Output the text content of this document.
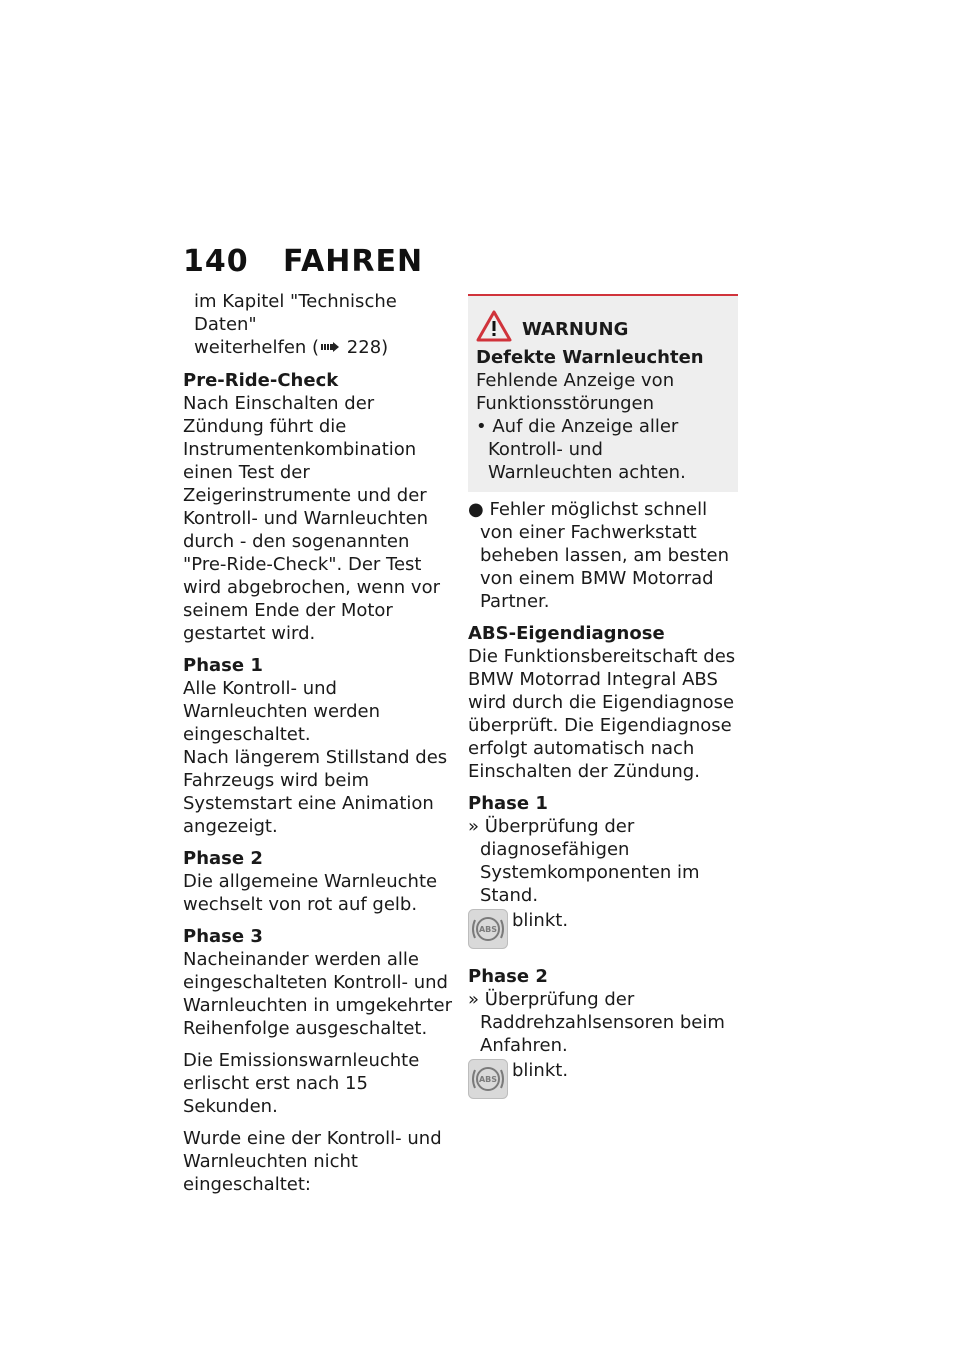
140 FAHREN

im Kapitel "Technische Daten"

weiterhelfen ( 228)

Pre-Ride-Check

Nach Einschalten der Zündung führt die Instrumentenkombination einen Test der Zeigerinstrumente und der Kontroll- und Warnleuchten durch - den sogenannten "Pre-Ride-Check". Der Test wird abgebrochen, wenn vor seinem Ende der Motor gestartet wird.

Phase 1

Alle Kontroll- und Warnleuchten werden eingeschaltet.

Nach längerem Stillstand des Fahrzeugs wird beim Systemstart eine Animation angezeigt.

Phase 2

Die allgemeine Warnleuchte wechselt von rot auf gelb.

Phase 3

Nacheinander werden alle eingeschalteten Kontroll- und Warnleuchten in umgekehrter Reihenfolge ausgeschaltet.

Die Emissionswarnleuchte erlischt erst nach 15 Sekunden.

Wurde eine der Kontroll- und Warnleuchten nicht eingeschaltet:

WARNUNG

Defekte Warnleuchten

Fehlende Anzeige von Funktionsstörungen

• Auf die Anzeige aller Kontroll- und Warnleuchten achten.

● Fehler möglichst schnell von einer Fachwerkstatt beheben lassen, am besten von einem BMW Motorrad Partner.

ABS-Eigendiagnose

Die Funktionsbereitschaft des BMW Motorrad Integral ABS wird durch die Eigendiagnose überprüft. Die Eigendiagnose erfolgt automatisch nach Einschalten der Zündung.

Phase 1

» Überprüfung der diagnosefähigen Systemkomponenten im Stand.

ABS blinkt.

Phase 2

» Überprüfung der Raddrehzahlsensoren beim Anfahren.

ABS blinkt.
